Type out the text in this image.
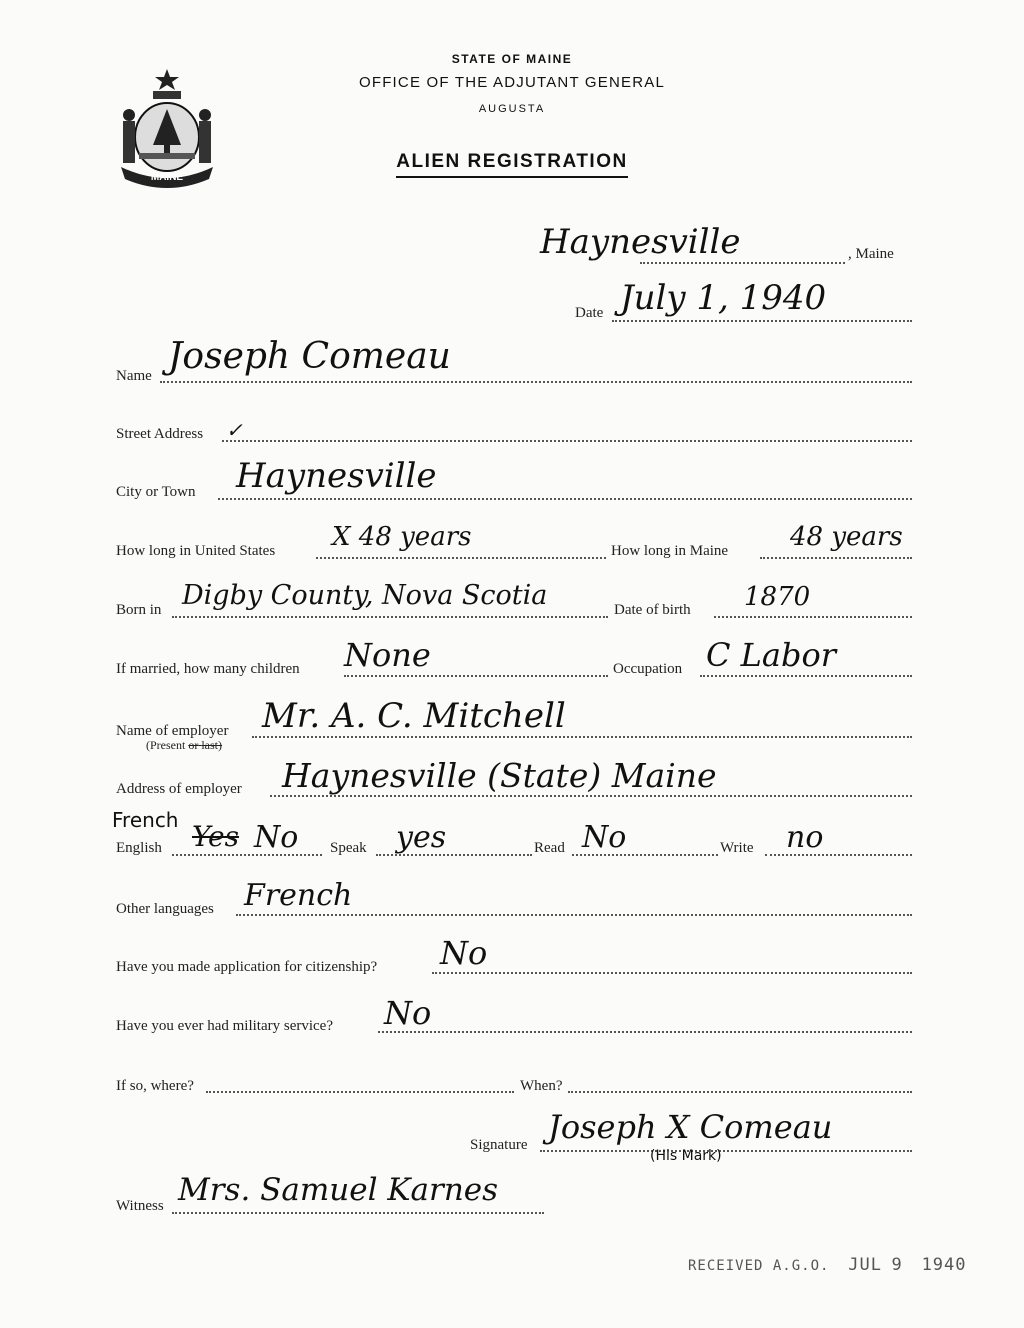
MAINE
STATE OF MAINE
OFFICE OF THE ADJUTANT GENERAL
AUGUSTA
ALIEN REGISTRATION
Haynesville	, Maine
Date July 1, 1940
Name Joseph Comeau
Street Address ✓
City or Town Haynesville
How long in United States X 48 years	How long in Maine 48 years
Born in Digby County, Nova Scotia	Date of birth 1870
If married, how many children None	Occupation C Labor
Name of employer
(Present or last)
Mr. A. C. Mitchell
Address of employer Haynesville (State) Maine
French
English Yes No Speak yes	Read No	Write no
Other languages French
Have you made application for citizenship? No
Have you ever had military service? No
If so, where?	When?
Signature Joseph X Comeau
(His Mark)
Witness Mrs. Samuel Karnes
RECEIVED A.G.O. JUL 9 1940
